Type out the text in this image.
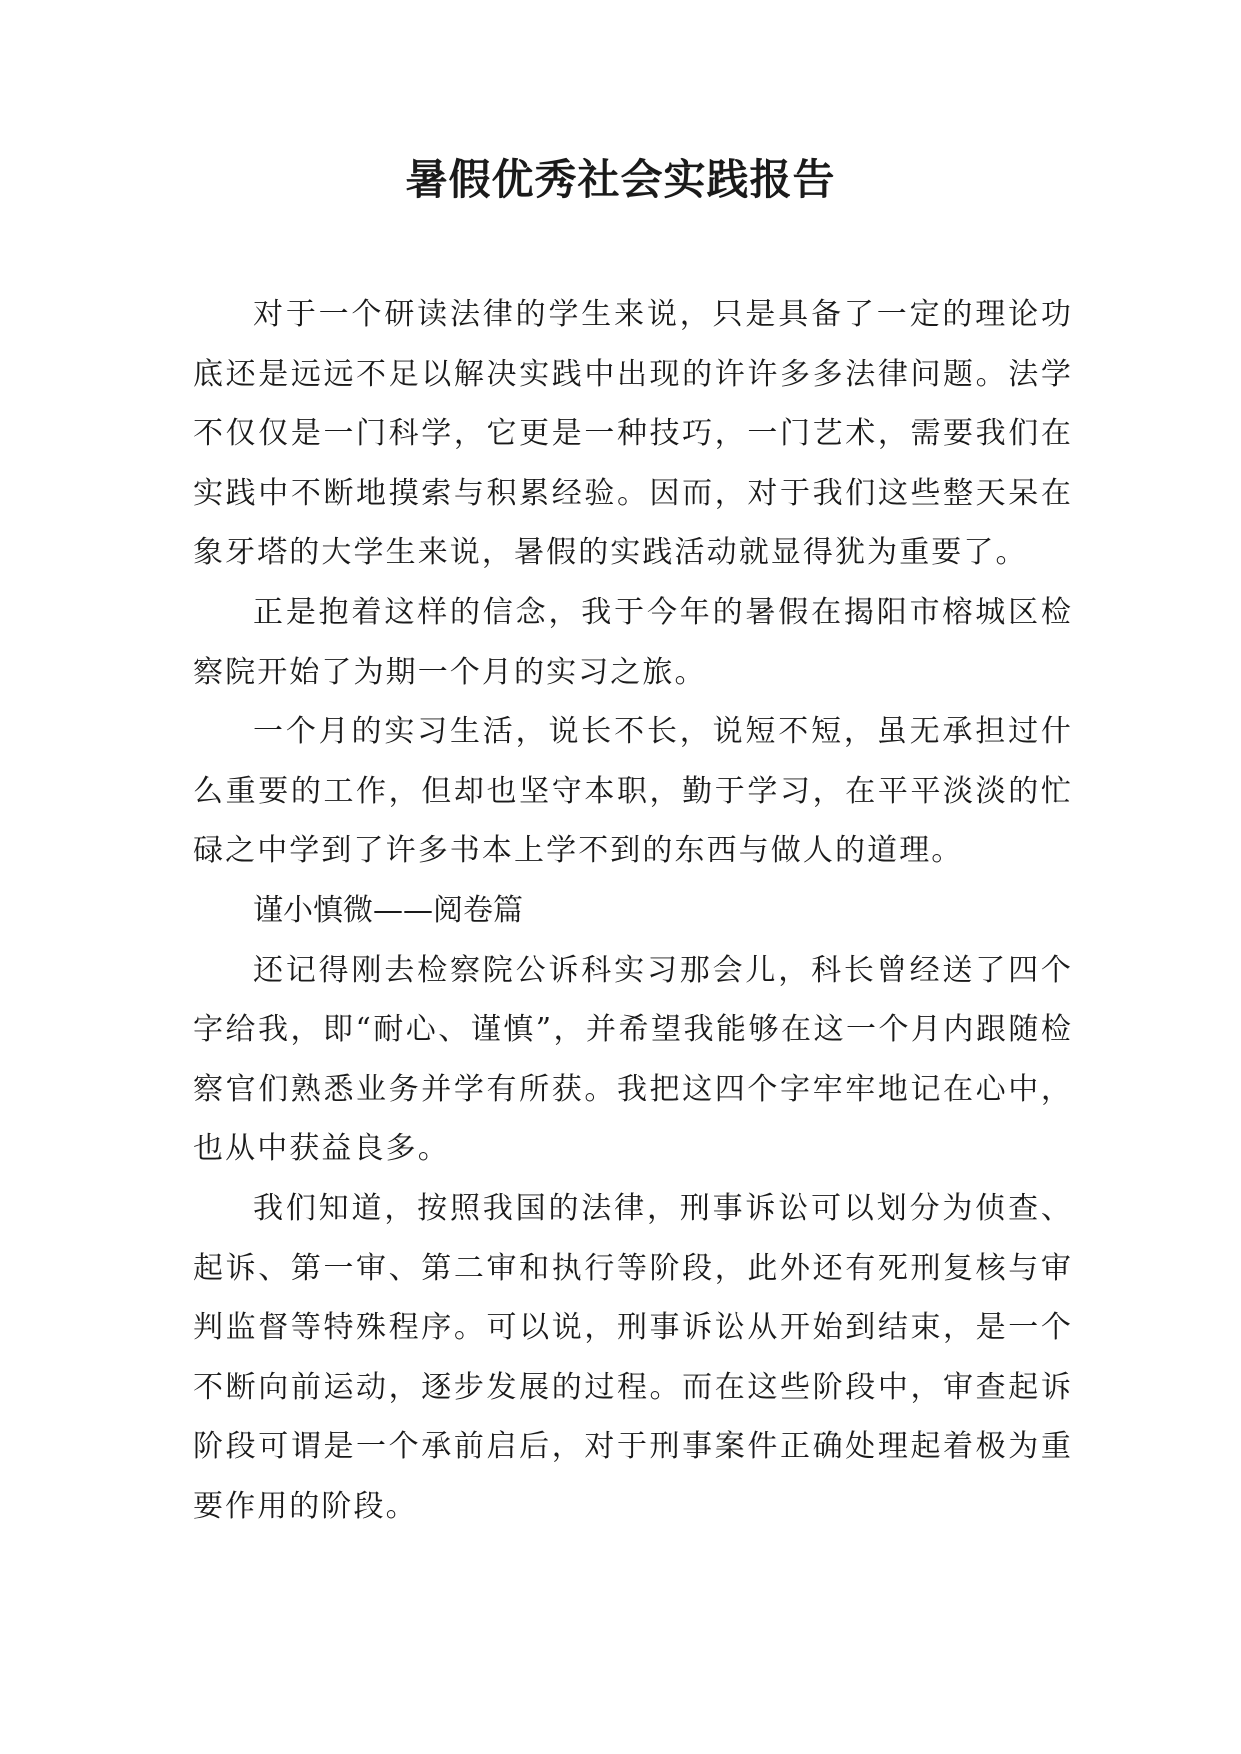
暑假优秀社会实践报告

对于一个研读法律的学生来说，只是具备了一定的理论功底还是远远不足以解决实践中出现的许许多多法律问题。法学不仅仅是一门科学，它更是一种技巧，一门艺术，需要我们在实践中不断地摸索与积累经验。因而，对于我们这些整天呆在象牙塔的大学生来说，暑假的实践活动就显得犹为重要了。

正是抱着这样的信念，我于今年的暑假在揭阳市榕城区检察院开始了为期一个月的实习之旅。

一个月的实习生活，说长不长，说短不短，虽无承担过什么重要的工作，但却也坚守本职，勤于学习，在平平淡淡的忙碌之中学到了许多书本上学不到的东西与做人的道理。

谨小慎微——阅卷篇

还记得刚去检察院公诉科实习那会儿，科长曾经送了四个字给我，即“耐心、谨慎”，并希望我能够在这一个月内跟随检察官们熟悉业务并学有所获。我把这四个字牢牢地记在心中，也从中获益良多。

我们知道，按照我国的法律，刑事诉讼可以划分为侦查、起诉、第一审、第二审和执行等阶段，此外还有死刑复核与审判监督等特殊程序。可以说，刑事诉讼从开始到结束，是一个不断向前运动，逐步发展的过程。而在这些阶段中，审查起诉阶段可谓是一个承前启后，对于刑事案件正确处理起着极为重要作用的阶段。
